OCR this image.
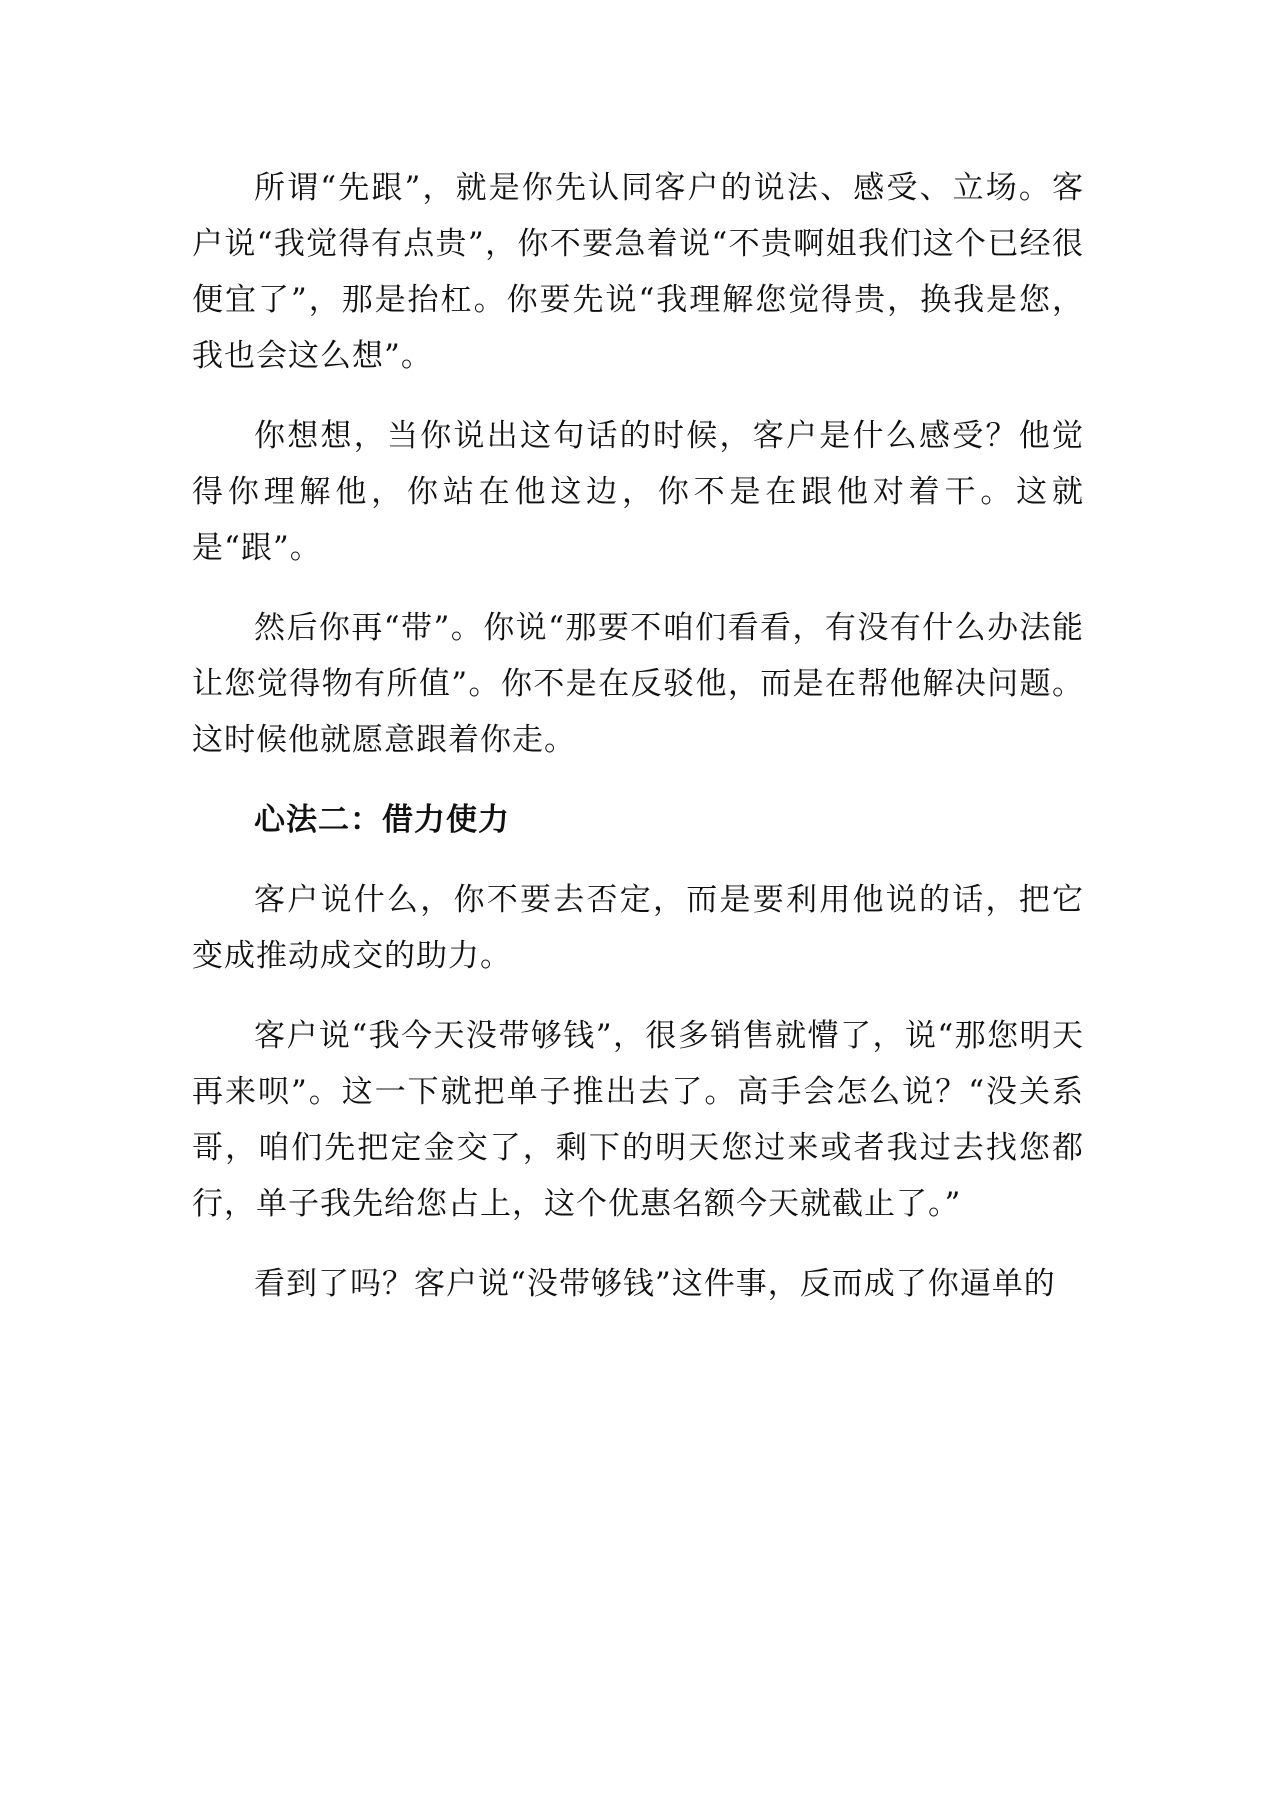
所谓“先跟”，就是你先认同客户的说法、感受、立场。客户说“我觉得有点贵”，你不要急着说“不贵啊姐我们这个已经很便宜了”，那是抬杠。你要先说“我理解您觉得贵，换我是您，我也会这么想”。

你想想，当你说出这句话的时候，客户是什么感受？他觉得你理解他，你站在他这边，你不是在跟他对着干。这就是“跟”。

然后你再“带”。你说“那要不咱们看看，有没有什么办法能让您觉得物有所值”。你不是在反驳他，而是在帮他解决问题。这时候他就愿意跟着你走。

心法二：借力使力

客户说什么，你不要去否定，而是要利用他说的话，把它变成推动成交的助力。

客户说“我今天没带够钱”，很多销售就懵了，说“那您明天再来呗”。这一下就把单子推出去了。高手会怎么说？“没关系哥，咱们先把定金交了，剩下的明天您过来或者我过去找您都行，单子我先给您占上，这个优惠名额今天就截止了。”

看到了吗？客户说“没带够钱”这件事，反而成了你逼单的
